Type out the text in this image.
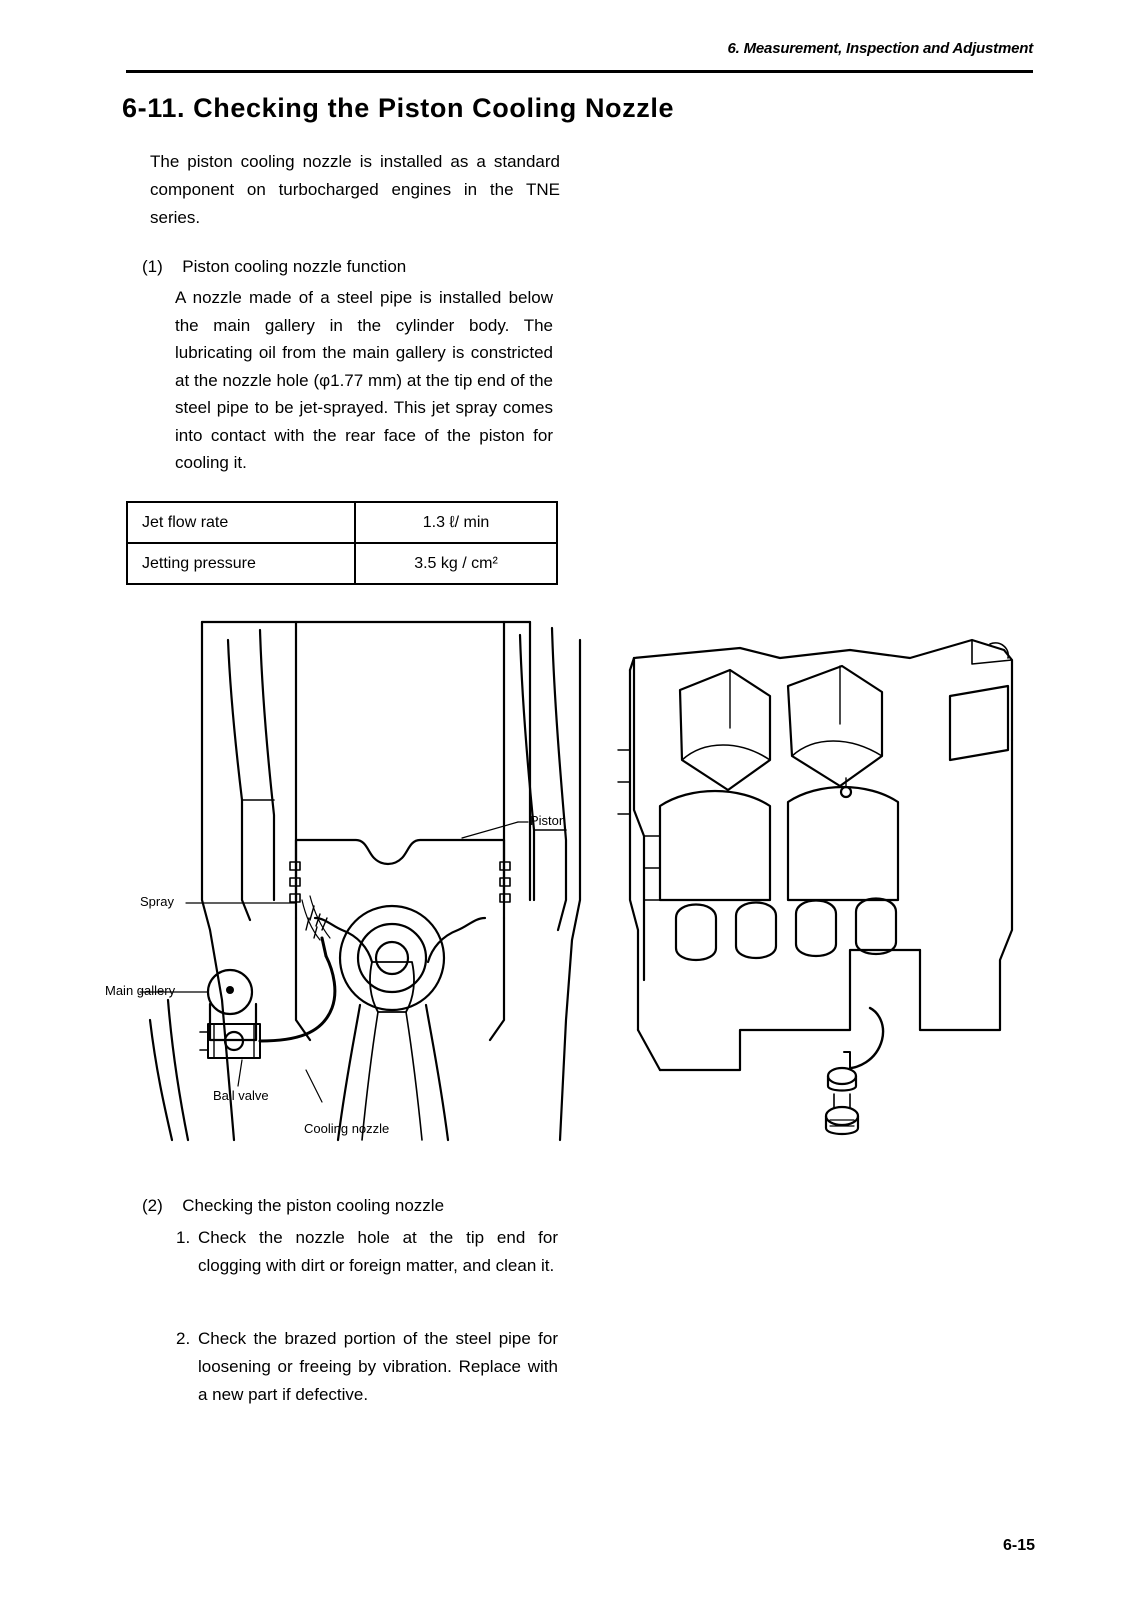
6. Measurement, Inspection and Adjustment
6-11. Checking the Piston Cooling Nozzle
The piston cooling nozzle is installed as a standard component on turbocharged engines in the TNE series.
(1) Piston cooling nozzle function
A nozzle made of a steel pipe is installed below the main gallery in the cylinder body. The lubricating oil from the main gallery is constricted at the nozzle hole (φ1.77 mm) at the tip end of the steel pipe to be jet-sprayed. This jet spray comes into contact with the rear face of the piston for cooling it.
Jet flow rate	1.3 ℓ/ min
Jetting pressure	3.5 kg / cm²
Piston
Spray
Main gallery
Ball valve
Cooling nozzle
(2) Checking the piston cooling nozzle
1. Check the nozzle hole at the tip end for clogging with dirt or foreign matter, and clean it.
2. Check the brazed portion of the steel pipe for loosening or freeing by vibration. Replace with a new part if defective.
6-15
